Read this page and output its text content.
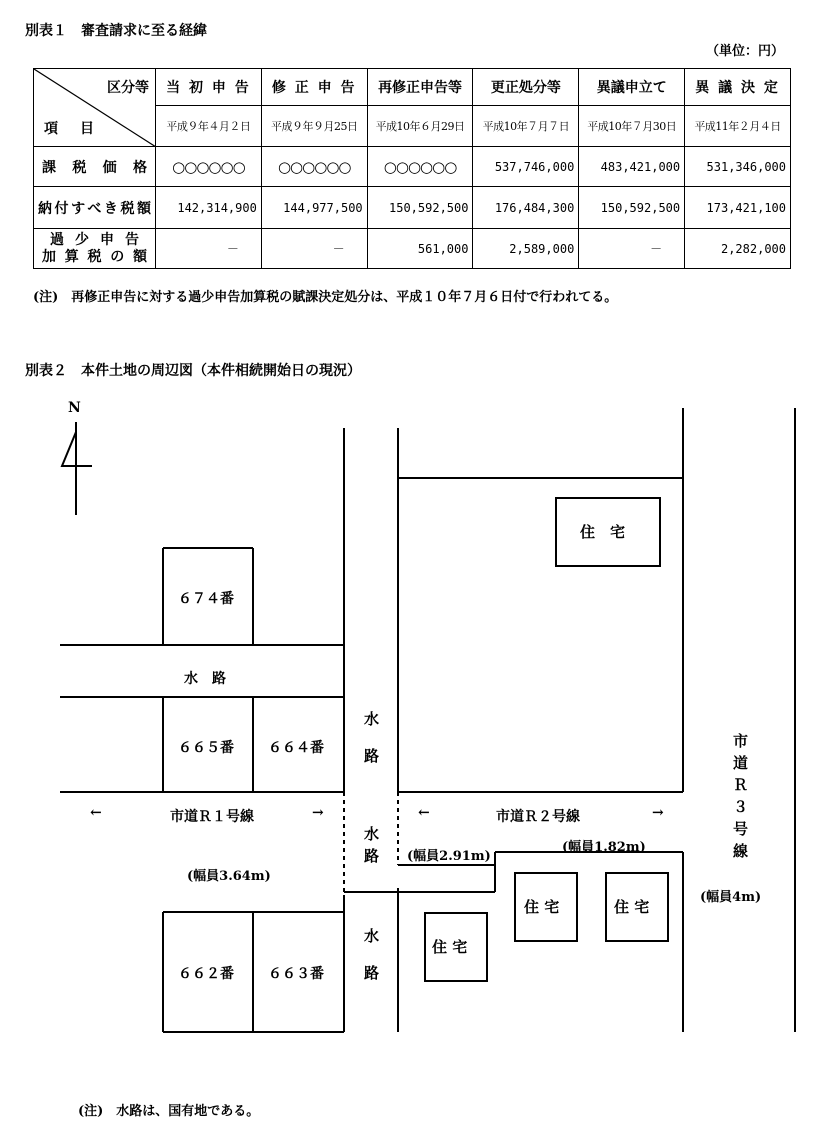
別表１　審査請求に至る経緯
（単位：円）
区分等
項　目	当 初 申 告	修 正 申 告	再修正申告等	更正処分等	異議申立て	異 議 決 定
	平成９年４月２日	平成９年９月25日	平成10年６月29日	平成10年７月７日	平成10年７月30日	平成11年２月４日
課 税 価 格	○○○○○○	○○○○○○	○○○○○○	537,746,000	483,421,000	531,346,000
納付すべき税額	142,314,900	144,977,500	150,592,500	176,484,300	150,592,500	173,421,100

過 少 申 告
加算税の額	－	－	561,000	2,589,000	－	2,282,000
(注)　再修正申告に対する過少申告加算税の賦課決定処分は、平成１０年７月６日付で行われてる。
別表２　本件土地の周辺図（本件相続開始日の現況）
N
６７４番
水　路
６６５番 ６６４番
水
路
水
路
水
路
←	市道Ｒ１号線	→	←	市道Ｒ２号線	→
(幅員3.64m)
(幅員2.91m)
(幅員1.82m)
(幅員4m)
市
道
Ｒ
３
号
線
住　宅
住 宅	住 宅
住 宅
６６２番 ６６３番
(注)　水路は、国有地である。
